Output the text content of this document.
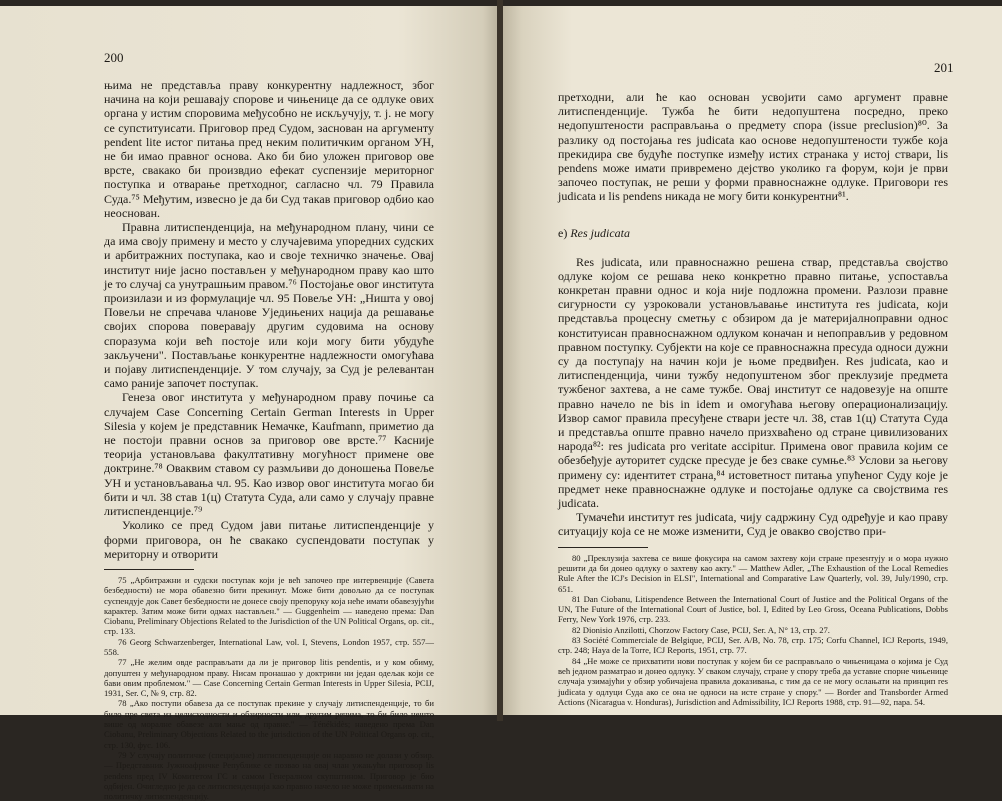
200

њима не представља праву конкурентну надлежност, због начина на који решавају спорове и чињенице да се одлуке ових органа у истим споровима међусобно не искључују, т. ј. не могу се супституисати. Приговор пред Судом, заснован на аргументу pendent lite истог питања пред неким политичким органом УН, не би имао правног основа. Ако би био уложен приговор ове врсте, свакако би произвдио ефекат суспензије мериторног поступка и отварање претходног, сагласно чл. 79 Правила Суда.⁷⁵ Међутим, извесно је да би Суд такав приговор одбио као неоснован.

Правна литиспенденција, на међународном плану, чини се да има своју примену и место у случајевима упоредних судских и арбитражних поступака, као и своје техничко значење. Овај институт није јасно постављен у међународном праву као што је то случај са унутрашњим правом.⁷⁶ Постојање овог института произилази и из формулације чл. 95 Повеље УН: „Ништа у овој Повељи не спречава чланове Уједињених нација да решавање својих спорова поверавају другим судовима на основу споразума који већ постоје или који могу бити убудуће закључени". Постављање конкурентне надлежности омогућава и појаву литиспенденције. У том случају, за Суд је релевантан само раније започет поступак.

Генеза овог института у међународном праву почиње са случајем Case Concerning Certain German Interests in Upper Silesia у којем је представник Немачке, Kaufmann, приметио да не постоји правни основ за приговор ове врсте.⁷⁷ Касније теорија установљава факултативну могућност примене ове доктрине.⁷⁸ Оваквим ставом су размљиви до доношења Повеље УН и установљавања чл. 95. Као извор овог института могао би бити и чл. 38 став 1(ц) Статута Суда, али само у случају правне литиспенденције.⁷⁹

Уколико се пред Судом јави питање литиспенденције у форми приговора, он ће свакако суспендовати поступак у мериторну и отворити

75 „Арбитражни и судски поступак који је већ започео пре интервенције (Савета безбедности) не мора обавезно бити прекинут. Може бити довољно да се поступак суспендује док Савет безбедности не донесе своју препоруку која неће имати обавезујући карактер. Затим може бити одмах настављен." — Guggenheim — наведено према: Dan Ciobanu, Preliminary Objections Related to the Jurisdiction of the UN Political Organs, op. cit., стр. 133.

76 Georg Schwarzenberger, International Law, vol. I, Stevens, London 1957, стр. 557—558.

77 „Не желим овде расправљати да ли је приговор litis pendentis, и у ком обиму, допуштен у међународном праву. Нисам пронашао у доктрини ни један одељак који се бави овим проблемом." — Case Concerning Certain German Interests in Upper Silesia, PCIJ, 1931, Ser. C, № 9, стр. 82.

78 „Ако поступи обавеза да се поступак прекине у случају литиспенденције, то би било пре света из целисходности и обзирности или, другим речима, то би било нешто више од моралне обавезе али мање од правне." — Ténékidès; наведено према Dan Ciobanu, Preliminary Objections Related to the jurisdiction of the UN Political Organs op. cit., стр. 130, фус. 106.

79 У случају политичке (специјалне) литиспенденције он наравно не долази у обзир. — Представник Јужноафричке Републике се позвао на овај члан ужањући приговор lis pendens пред IV Комитетом ГС и самом Генералном скупштином. Приговор је био одбијен. Очигледно је да се литиспенденција као правно начело не може примењивати на политичку литиспенденцију.

201

претходни, али ће као основан усвојити само аргумент правне литиспенденције. Тужба ће бити недопуштена посредно, преко недопуштености расправљања о предмету спора (issue preclusion)⁸⁰. За разлику од постојања res judicata као основе недопуштености тужбе која прекидира све будуће поступке између истих странака у истој ствари, lis pendens може имати привремено дејство уколико га форум, који је први започео поступак, не реши у форми правноснажне одлуке. Приговори res judicata и lis pendens никада не могу бити конкурентни⁸¹.

е) Res judicata

Res judicata, или правноснажно решена ствар, представља својство одлуке којом се решава неко конкретно правно питање, успостављa конкретан правни однос и која није подложна промени. Разлози правне сигурности су узроковали установљавање института res judicata, који представља процесну сметњу с обзиром да је материјалноправни однос конституисан правноснажном одлуком коначан и непоправљив у редовном правном поступку. Субјекти на које се правноснажна пресуда односи дужни су да поступају на начин који је њоме предвиђен. Res judicata, као и литиспенденција, чини тужбу недопуштеном због преклузије предмета тужбеног захтева, а не саме тужбе. Овај институт се надовезује на опште правно начело ne bis in idem и омогућава његову операционализацију. Извор самог правила пресуђене ствари јесте чл. 38, став 1(ц) Статута Суда и представља опште правно начело призхваћено од стране цивилизованих народа⁸²: res judicata pro veritate accipitur. Примена овог правила којим се обезбеђује ауторитет судске пресуде је без сваке сумње.⁸³ Услови за његову примену су: идентитет страна,⁸⁴ истоветност питања упућеног Суду које је предмет неке правноснажне одлуке и постојање одлуке са својствима res judicata.

Тумачећи институт res judicata, чију садржину Суд одређује и као праву ситуацију која се не може изменити, Суд је овакво својство при-

80 „Преклузија захтева се више фокусира на самом захтеву који стране презентују и о мора нужно решити да би донео одлуку о захтеву као акту." — Matthew Adler, „The Exhaustion of the Local Remedies Rule After the ICJ's Decision in ELSI", International and Comparative Law Quarterly, vol. 39, July/1990, стр. 651.

81 Dan Ciobanu, Litispendence Between the International Court of Justice and the Political Organs of the UN, The Future of the International Court of Justice, bol. I, Edited by Leo Gross, Oceana Publications, Dobbs Ferry, New York 1976, стр. 233.

82 Dionisio Anzilotti, Chorzow Factory Case, PCIJ, Ser. A, N° 13, стр. 27.

83 Société Commerciale de Belgique, PCIJ, Ser. A/B, No. 78, стр. 175; Corfu Channel, ICJ Reports, 1949, стр. 248; Haya de la Torre, ICJ Reports, 1951, стр. 77.

84 „Не може се прихватити нови поступак у којем би се расправљало о чињеницама о којима је Суд већ једном разматрао и донео одлуку. У сваком случају, стране у спору треба да уставне спорне чињенице случаја узимајући у обзир уобичајена правила доказивања, с тим да се не могу ослањати на принцип res judicata у одлуци Суда ако се она не односи на исте стране у спору." — Border and Transborder Armed Actions (Nicaragua v. Honduras), Jurisdiction and Admissibility, ICJ Reports 1988, стр. 91—92, пара. 54.
